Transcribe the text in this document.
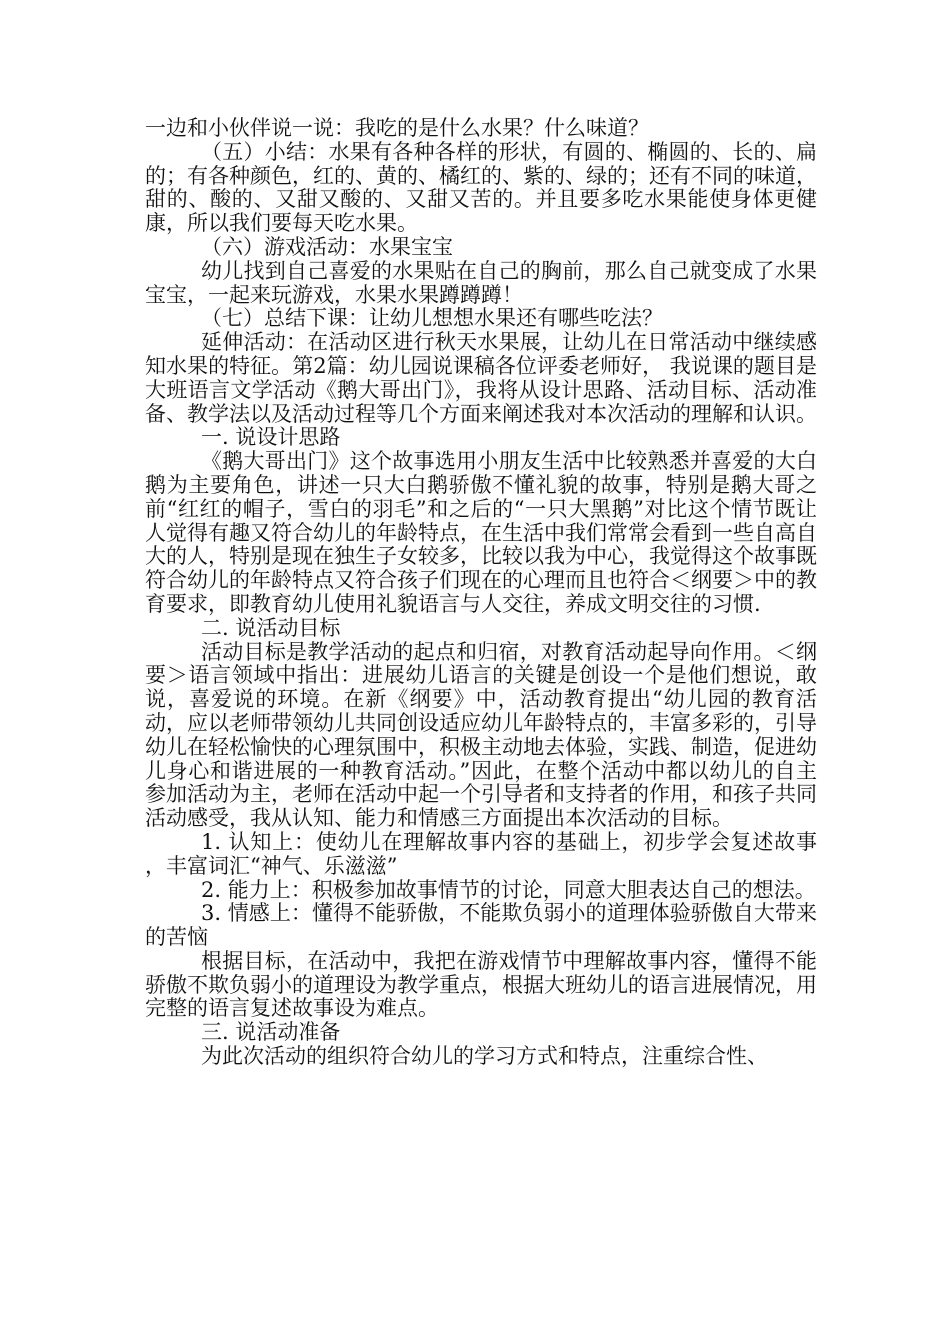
一边和小伙伴说一说：我吃的是什么水果？什么味道？

（五）小结：水果有各种各样的形状，有圆的、椭圆的、长的、扁的；有各种颜色，红的、黄的、橘红的、紫的、绿的；还有不同的味道，甜的、酸的、又甜又酸的、又甜又苦的。并且要多吃水果能使身体更健康，所以我们要每天吃水果。

（六）游戏活动：水果宝宝

幼儿找到自己喜爱的水果贴在自己的胸前，那么自己就变成了水果宝宝，一起来玩游戏，水果水果蹲蹲蹲！

（七）总结下课：让幼儿想想水果还有哪些吃法？

延伸活动：在活动区进行秋天水果展，让幼儿在日常活动中继续感知水果的特征。第2篇：幼儿园说课稿各位评委老师好， 我说课的题目是大班语言文学活动《鹅大哥出门》，我将从设计思路、活动目标、活动准备、教学法以及活动过程等几个方面来阐述我对本次活动的理解和认识。

一. 说设计思路

《鹅大哥出门》这个故事选用小朋友生活中比较熟悉并喜爱的大白鹅为主要角色，讲述一只大白鹅骄傲不懂礼貌的故事，特别是鹅大哥之前“红红的帽子，雪白的羽毛”和之后的“一只大黑鹅”对比这个情节既让人觉得有趣又符合幼儿的年龄特点，在生活中我们常常会看到一些自高自大的人，特别是现在独生子女较多，比较以我为中心，我觉得这个故事既符合幼儿的年龄特点又符合孩子们现在的心理而且也符合＜纲要＞中的教育要求，即教育幼儿使用礼貌语言与人交往，养成文明交往的习惯.

二. 说活动目标

活动目标是教学活动的起点和归宿，对教育活动起导向作用。＜纲要＞语言领域中指出：进展幼儿语言的关键是创设一个是他们想说，敢说，喜爱说的环境。在新《纲要》中，活动教育提出“幼儿园的教育活动，应以老师带领幼儿共同创设适应幼儿年龄特点的，丰富多彩的，引导幼儿在轻松愉快的心理氛围中，积极主动地去体验，实践、制造，促进幼儿身心和谐进展的一种教育活动。”因此，在整个活动中都以幼儿的自主参加活动为主，老师在活动中起一个引导者和支持者的作用，和孩子共同活动感受，我从认知、能力和情感三方面提出本次活动的目标。

1. 认知上：使幼儿在理解故事内容的基础上，初步学会复述故事 ，丰富词汇“神气、乐滋滋”

2. 能力上：积极参加故事情节的讨论，同意大胆表达自己的想法。

3. 情感上：懂得不能骄傲，不能欺负弱小的道理体验骄傲自大带来的苦恼

根据目标，在活动中，我把在游戏情节中理解故事内容，懂得不能骄傲不欺负弱小的道理设为教学重点，根据大班幼儿的语言进展情况，用完整的语言复述故事设为难点。

三. 说活动准备

为此次活动的组织符合幼儿的学习方式和特点，注重综合性、
